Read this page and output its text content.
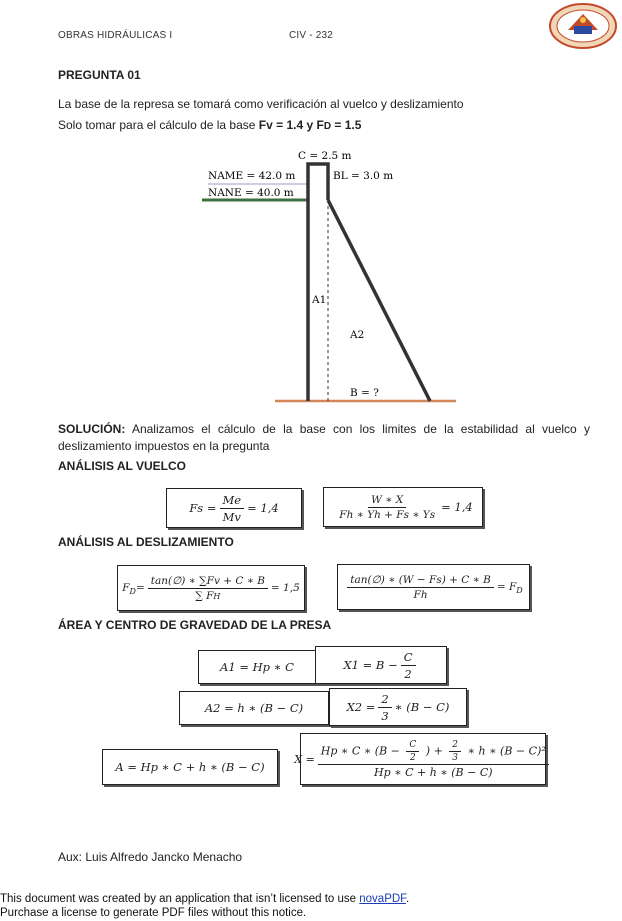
OBRAS HIDRÁULICAS I	CIV - 232
PREGUNTA 01
La base de la represa se tomará como verificación al vuelco y deslizamiento
Solo tomar para el cálculo de la base Fv = 1.4 y FD = 1.5
C = 2.5 m
NAME = 42.0 m
NANE = 40.0 m
BL = 3.0 m
A1
A2
B = ?
SOLUCIÓN: Analizamos el cálculo de la base con los limites de la estabilidad al vuelco y deslizamiento impuestos en la pregunta
ANÁLISIS AL VUELCO
$Fs = \frac{Me}{Mv} = 1,4$	$\frac{W ∗ X}{Fh ∗ Yh + Fs ∗ Ys} = 1,4$
ANÁLISIS AL DESLIZAMIENTO
F $D = \frac{\tan(\emptyset) ∗ \sum Fv + C ∗ B}{\sum FH} = 1,5$	$\frac{\tan(\emptyset) ∗ (W - Fs) + C ∗ B}{Fh} = F$ D
ÁREA Y CENTRO DE GRAVEDAD DE LA PRESA
A1 = Hp ∗ C	$X1 = B - \frac{C}{2}$
A2 = h ∗ (B − C)	$X2 = \frac{2}{3}$ ∗ (B − C)
A = Hp ∗ C + h ∗ (B − C)
X =
Hp ∗ C ∗ ($B - \frac{C}{2}$ ) + $\frac{2}{3}$ ∗ h ∗ (B − C)²
Hp ∗ C + h ∗ (B − C)
Aux: Luis Alfredo Jancko Menacho
This document was created by an application that isn’t licensed to use novaPDF.
Purchase a license to generate PDF files without this notice.
